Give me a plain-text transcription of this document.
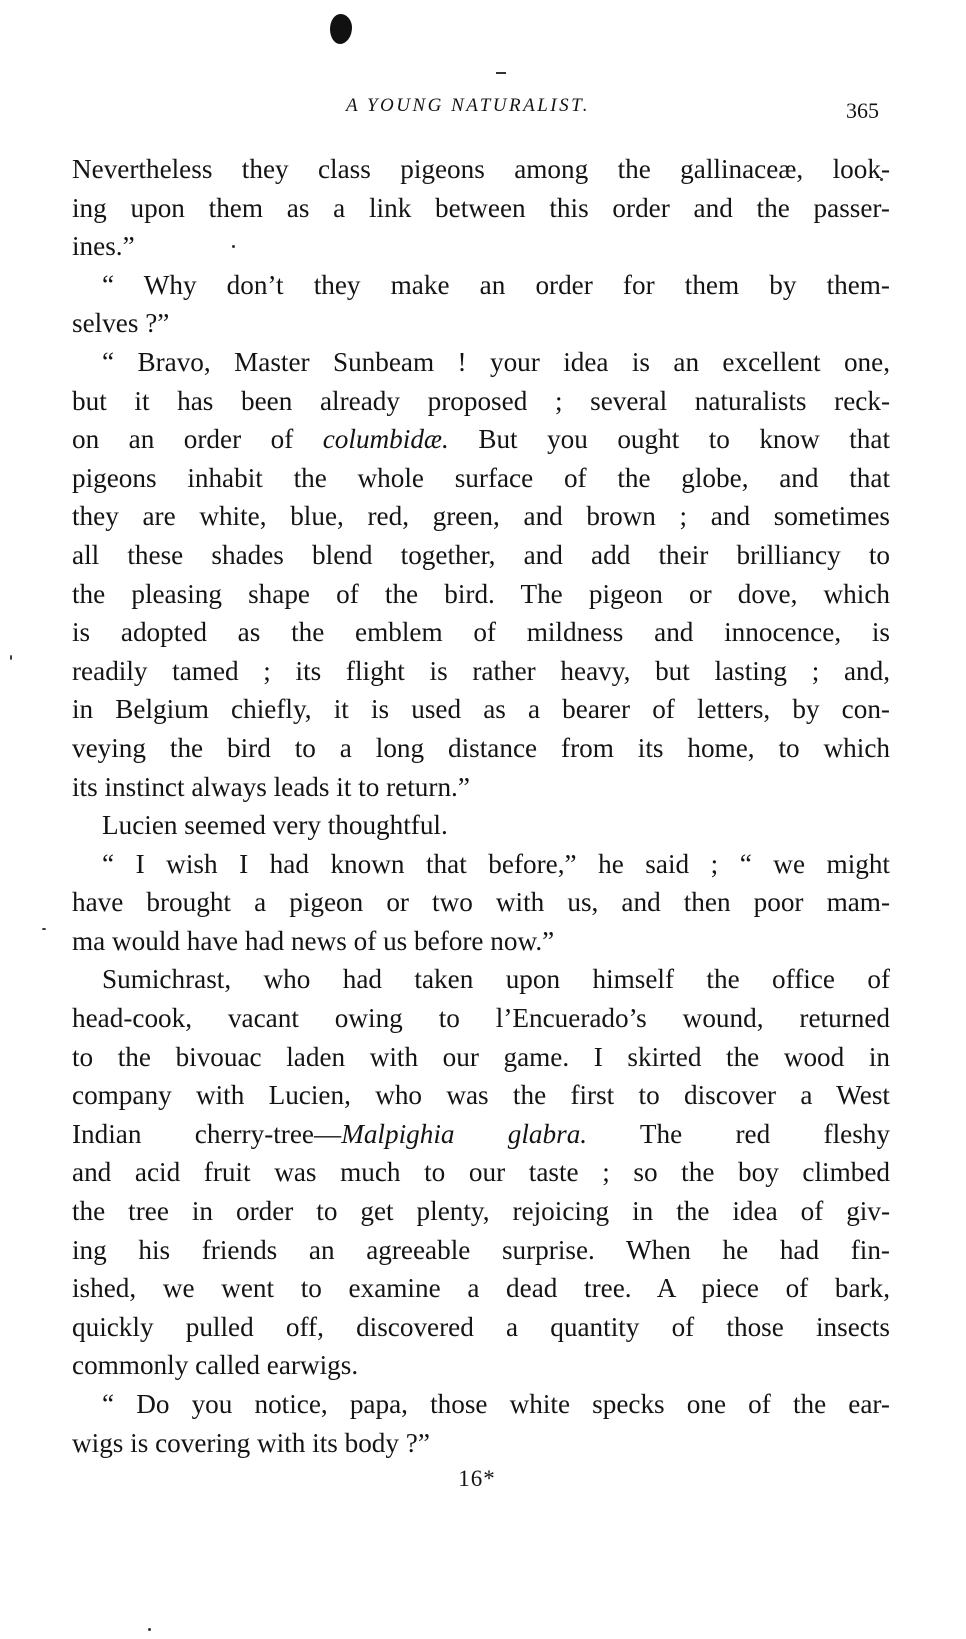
A YOUNG NATURALIST.	365
Nevertheless they class pigeons among the gallinaceæ, look-
ing upon them as a link between this order and the passer-
ines.”
“ Why don’t they make an order for them by them-
selves ?”
“ Bravo, Master Sunbeam ! your idea is an excellent one,
but it has been already proposed ; several naturalists reck-
on an order of columbidæ. But you ought to know that
pigeons inhabit the whole surface of the globe, and that
they are white, blue, red, green, and brown ; and sometimes
all these shades blend together, and add their brilliancy to
the pleasing shape of the bird. The pigeon or dove, which
is adopted as the emblem of mildness and innocence, is
readily tamed ; its flight is rather heavy, but lasting ; and,
in Belgium chiefly, it is used as a bearer of letters, by con-
veying the bird to a long distance from its home, to which
its instinct always leads it to return.”
Lucien seemed very thoughtful.
“ I wish I had known that before,” he said ; “ we might
have brought a pigeon or two with us, and then poor mam-
ma would have had news of us before now.”
Sumichrast, who had taken upon himself the office of
head-cook, vacant owing to l’Encuerado’s wound, returned
to the bivouac laden with our game. I skirted the wood in
company with Lucien, who was the first to discover a West
Indian cherry-tree—Malpighia glabra. The red fleshy
and acid fruit was much to our taste ; so the boy climbed
the tree in order to get plenty, rejoicing in the idea of giv-
ing his friends an agreeable surprise. When he had fin-
ished, we went to examine a dead tree. A piece of bark,
quickly pulled off, discovered a quantity of those insects
commonly called earwigs.
“ Do you notice, papa, those white specks one of the ear-
wigs is covering with its body ?”
16*
